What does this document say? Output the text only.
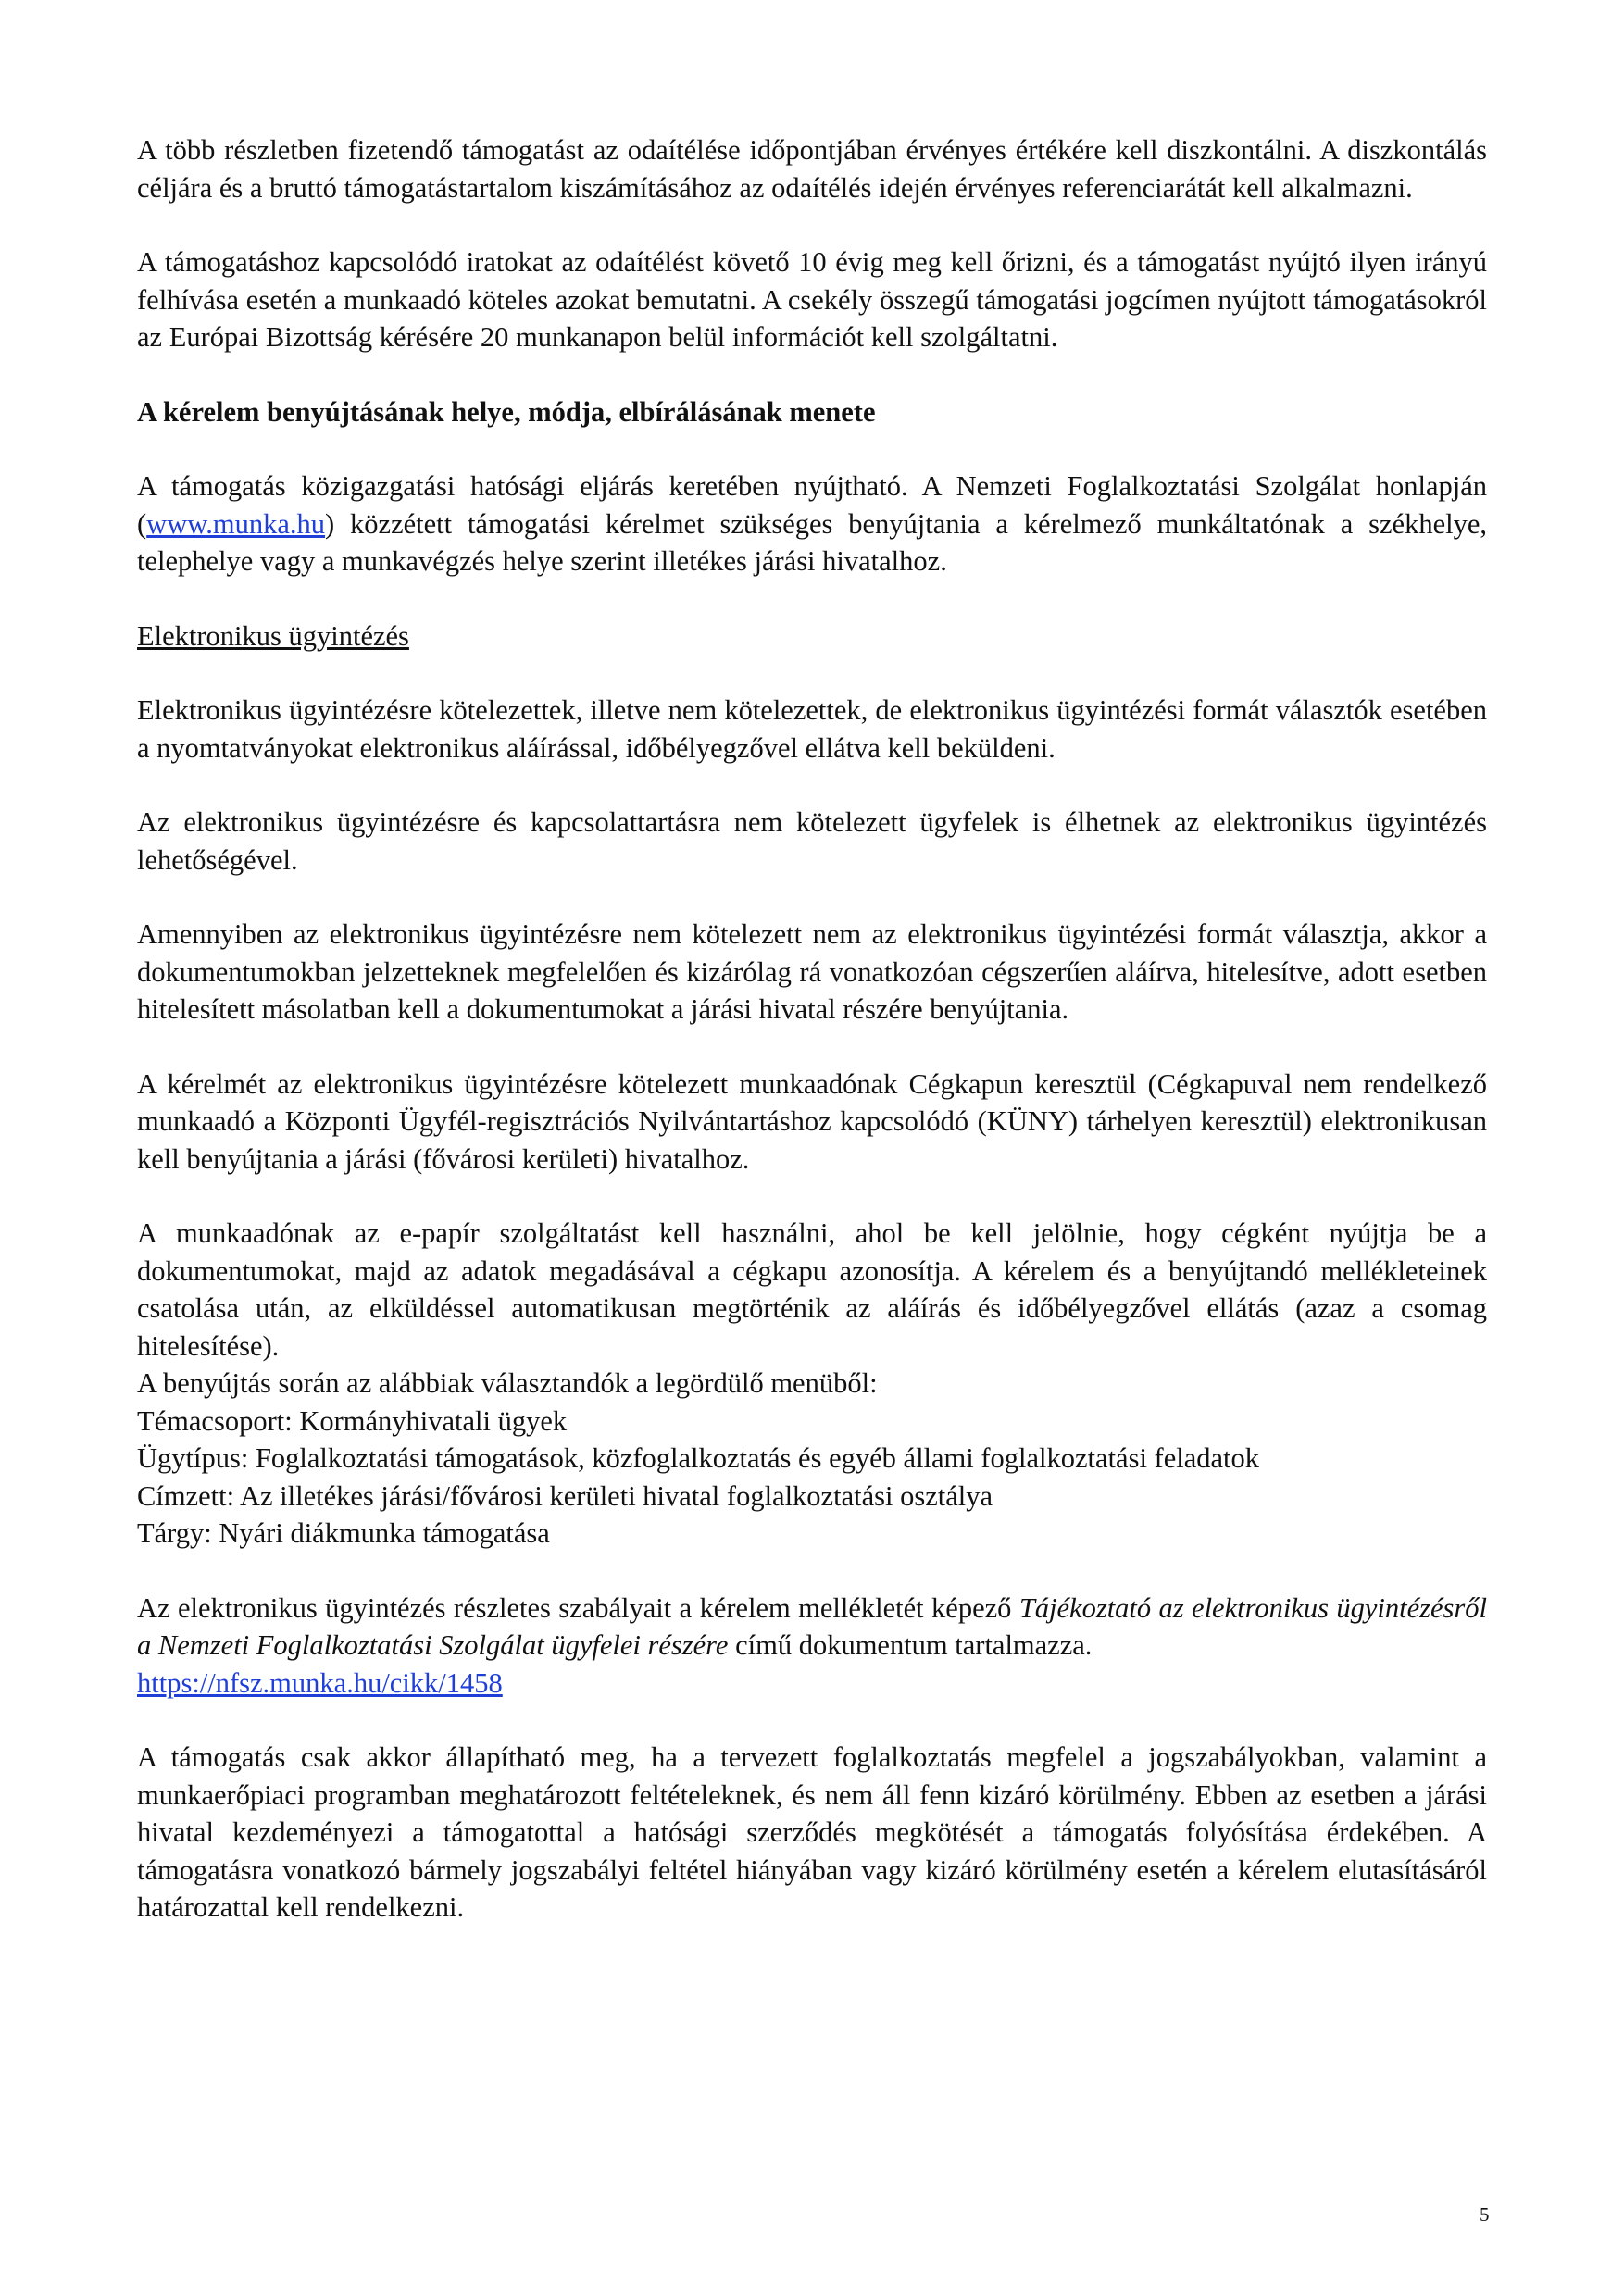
A több részletben fizetendő támogatást az odaítélése időpontjában érvényes értékére kell diszkontálni. A diszkontálás céljára és a bruttó támogatástartalom kiszámításához az odaítélés idején érvényes referenciarátát kell alkalmazni.

A támogatáshoz kapcsolódó iratokat az odaítélést követő 10 évig meg kell őrizni, és a támogatást nyújtó ilyen irányú felhívása esetén a munkaadó köteles azokat bemutatni. A csekély összegű támogatási jogcímen nyújtott támogatásokról az Európai Bizottság kérésére 20 munkanapon belül információt kell szolgáltatni.

A kérelem benyújtásának helye, módja, elbírálásának menete

A támogatás közigazgatási hatósági eljárás keretében nyújtható. A Nemzeti Foglalkoztatási Szolgálat honlapján (www.munka.hu) közzétett támogatási kérelmet szükséges benyújtania a kérelmező munkáltatónak a székhelye, telephelye vagy a munkavégzés helye szerint illetékes járási hivatalhoz.

Elektronikus ügyintézés

Elektronikus ügyintézésre kötelezettek, illetve nem kötelezettek, de elektronikus ügyintézési formát választók esetében a nyomtatványokat elektronikus aláírással, időbélyegzővel ellátva kell beküldeni.

Az elektronikus ügyintézésre és kapcsolattartásra nem kötelezett ügyfelek is élhetnek az elektronikus ügyintézés lehetőségével.

Amennyiben az elektronikus ügyintézésre nem kötelezett nem az elektronikus ügyintézési formát választja, akkor a dokumentumokban jelzetteknek megfelelően és kizárólag rá vonatkozóan cégszerűen aláírva, hitelesítve, adott esetben hitelesített másolatban kell a dokumentumokat a járási hivatal részére benyújtania.

A kérelmét az elektronikus ügyintézésre kötelezett munkaadónak Cégkapun keresztül (Cégkapuval nem rendelkező munkaadó a Központi Ügyfél-regisztrációs Nyilvántartáshoz kapcsolódó (KÜNY) tárhelyen keresztül) elektronikusan kell benyújtania a járási (fővárosi kerületi) hivatalhoz.

A munkaadónak az e-papír szolgáltatást kell használni, ahol be kell jelölnie, hogy cégként nyújtja be a dokumentumokat, majd az adatok megadásával a cégkapu azonosítja. A kérelem és a benyújtandó mellékleteinek csatolása után, az elküldéssel automatikusan megtörténik az aláírás és időbélyegzővel ellátás (azaz a csomag hitelesítése).

A benyújtás során az alábbiak választandók a legördülő menüből:
Témacsoport: Kormányhivatali ügyek
Ügytípus: Foglalkoztatási támogatások, közfoglalkoztatás és egyéb állami foglalkoztatási feladatok
Címzett: Az illetékes járási/fővárosi kerületi hivatal foglalkoztatási osztálya
Tárgy: Nyári diákmunka támogatása

Az elektronikus ügyintézés részletes szabályait a kérelem mellékletét képező Tájékoztató az elektronikus ügyintézésről a Nemzeti Foglalkoztatási Szolgálat ügyfelei részére című dokumentum tartalmazza.
https://nfsz.munka.hu/cikk/1458

A támogatás csak akkor állapítható meg, ha a tervezett foglalkoztatás megfelel a jogszabályokban, valamint a munkaerőpiaci programban meghatározott feltételeknek, és nem áll fenn kizáró körülmény. Ebben az esetben a járási hivatal kezdeményezi a támogatottal a hatósági szerződés megkötését a támogatás folyósítása érdekében. A támogatásra vonatkozó bármely jogszabályi feltétel hiányában vagy kizáró körülmény esetén a kérelem elutasításáról határozattal kell rendelkezni.

5
